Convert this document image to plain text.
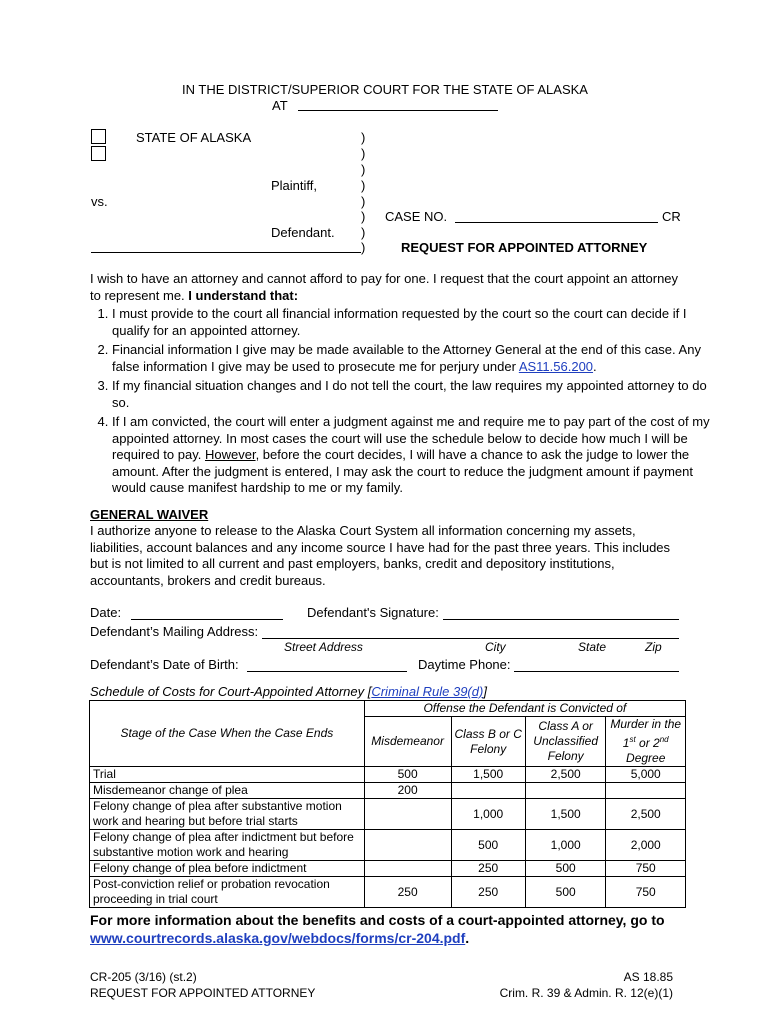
IN THE DISTRICT/SUPERIOR COURT FOR THE STATE OF ALASKA
AT
STATE OF ALASKA
Plaintiff,
vs.
Defendant.
)
)
)
)
)
)
)
)
CASE NO.	CR
REQUEST FOR APPOINTED ATTORNEY
I wish to have an attorney and cannot afford to pay for one. I request that the court appoint an attorney to represent me. I understand that:
1. I must provide to the court all financial information requested by the court so the court can decide if I qualify for an appointed attorney.
2. Financial information I give may be made available to the Attorney General at the end of this case. Any false information I give may be used to prosecute me for perjury under AS11.56.200.
3. If my financial situation changes and I do not tell the court, the law requires my appointed attorney to do so.
4. If I am convicted, the court will enter a judgment against me and require me to pay part of the cost of my appointed attorney. In most cases the court will use the schedule below to decide how much I will be required to pay. However, before the court decides, I will have a chance to ask the judge to lower the amount. After the judgment is entered, I may ask the court to reduce the judgment amount if payment would cause manifest hardship to me or my family.
GENERAL WAIVER
I authorize anyone to release to the Alaska Court System all information concerning my assets, liabilities, account balances and any income source I have had for the past three years. This includes but is not limited to all current and past employers, banks, credit and depository institutions, accountants, brokers and credit bureaus.
Date:	Defendant's Signature:
Defendant’s Mailing Address:
Street Address	City	State	Zip
Defendant’s Date of Birth:	Daytime Phone:
Schedule of Costs for Court-Appointed Attorney [Criminal Rule 39(d)]
Stage of the Case When the Case Ends	Offense the Defendant is Convicted of			
	Misdemeanor	Class B or C Felony	Class A or Unclassified Felony	Murder in the 1st or 2nd Degree
Trial	500	1,500	2,500	5,000
Misdemeanor change of plea	200			
Felony change of plea after substantive motion work and hearing but before trial starts		1,000	1,500	2,500
Felony change of plea after indictment but before substantive motion work and hearing		500	1,000	2,000
Felony change of plea before indictment		250	500	750
Post-conviction relief or probation revocation proceeding in trial court	250	250	500	750
For more information about the benefits and costs of a court-appointed attorney, go to www.courtrecords.alaska.gov/webdocs/forms/cr-204.pdf.
CR-205 (3/16) (st.2)
REQUEST FOR APPOINTED ATTORNEY
AS 18.85
Crim. R. 39 & Admin. R. 12(e)(1)
